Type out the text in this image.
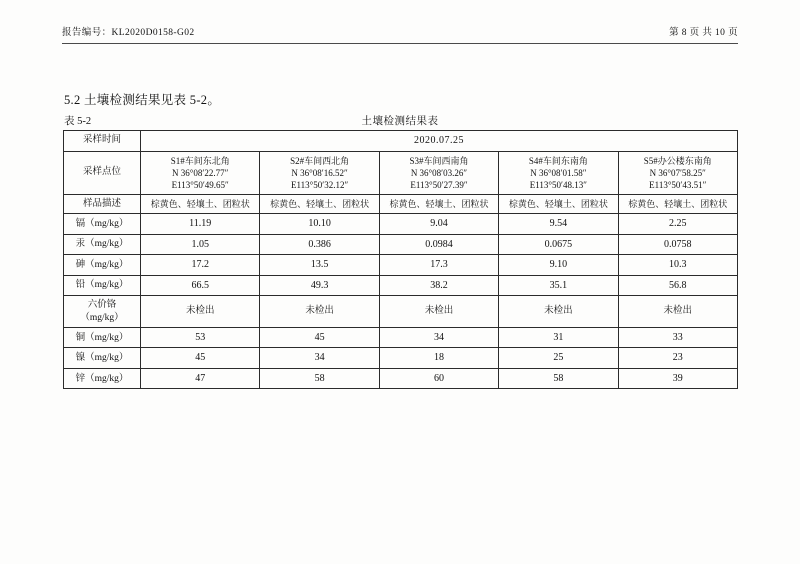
报告编号：KL2020D0158-G02	第 8 页 共 10 页
5.2 土壤检测结果见表 5-2。
表 5-2	土壤检测结果表
采样时间	2020.07.25				
采样点位	S1#车间东北角
N 36°08′22.77″
E113°50′49.65″	S2#车间西北角
N 36°08′16.52″
E113°50′32.12″	S3#车间西南角
N 36°08′03.26″
E113°50′27.39″	S4#车间东南角
N 36°08′01.58″
E113°50′48.13″	S5#办公楼东南角
N 36°07′58.25″
E113°50′43.51″

样品描述	棕黄色、轻壤土、团粒状	棕黄色、轻壤土、团粒状	棕黄色、轻壤土、团粒状	棕黄色、轻壤土、团粒状	棕黄色、轻壤土、团粒状

镉（mg/kg）	11.19	10.10	9.04	9.54	2.25

汞（mg/kg）	1.05	0.386	0.0984	0.0675	0.0758

砷（mg/kg）	17.2	13.5	17.3	9.10	10.3

铅（mg/kg）	66.5	49.3	38.2	35.1	56.8

六价铬
（mg/kg）	未检出	未检出	未检出	未检出	未检出

铜（mg/kg）	53	45	34	31	33

镍（mg/kg）	45	34	18	25	23

锌（mg/kg）	47	58	60	58	39
